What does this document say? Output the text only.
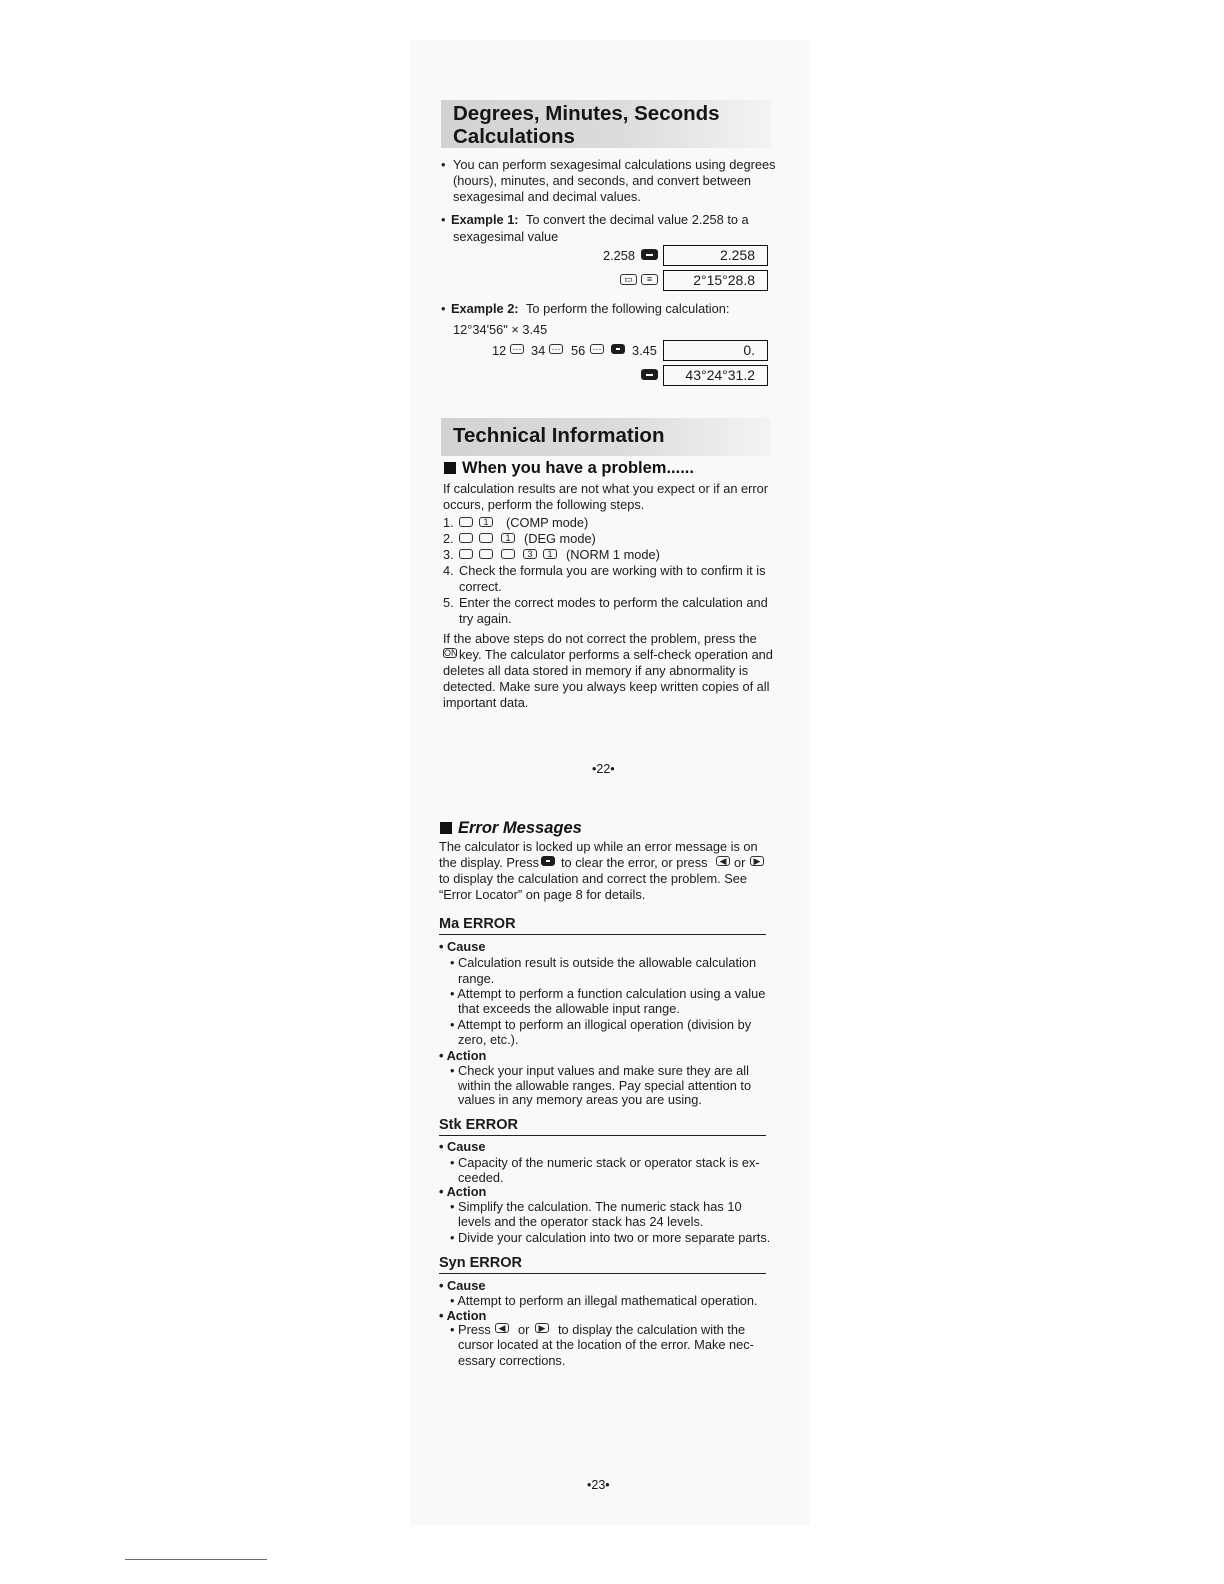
Degrees, Minutes, Seconds
Calculations
• You can perform sexagesimal calculations using degrees
(hours), minutes, and seconds, and convert between
sexagesimal and decimal values.
• Example 1: To convert the decimal value 2.258 to a
sexagesimal value
2.258	2.258
▭	≡	2°15°28.8
• Example 2: To perform the following calculation:
12°34'56" × 3.45
12 ··· 34 ··· 56 ··· 3.45	0.
43°24°31.2
Technical Information
When you have a problem......
If calculation results are not what you expect or if an error
occurs, perform the following steps.
1.	1 (COMP mode)
2.	1 (DEG mode)
3.	3	1 (NORM 1 mode)
4. Check the formula you are working with to confirm it is
correct.
5. Enter the correct modes to perform the calculation and
try again.
If the above steps do not correct the problem, press the
ON key. The calculator performs a self-check operation and
deletes all data stored in memory if any abnormality is
detected. Make sure you always keep written copies of all
important data.
•22•
Error Messages
The calculator is locked up while an error message is on
the display. Press to clear the error, or press ◀ or ▶
to display the calculation and correct the problem. See
“Error Locator” on page 8 for details.
Ma ERROR
• Cause
• Calculation result is outside the allowable calculation
range.
• Attempt to perform a function calculation using a value
that exceeds the allowable input range.
• Attempt to perform an illogical operation (division by
zero, etc.).
• Action
• Check your input values and make sure they are all
within the allowable ranges. Pay special attention to
values in any memory areas you are using.
Stk ERROR
• Cause
• Capacity of the numeric stack or operator stack is ex-
ceeded.
• Action
• Simplify the calculation. The numeric stack has 10
levels and the operator stack has 24 levels.
• Divide your calculation into two or more separate parts.
Syn ERROR
• Cause
• Attempt to perform an illegal mathematical operation.
• Action
• Press ◀ or ▶ to display the calculation with the
cursor located at the location of the error. Make nec-
essary corrections.
•23•
